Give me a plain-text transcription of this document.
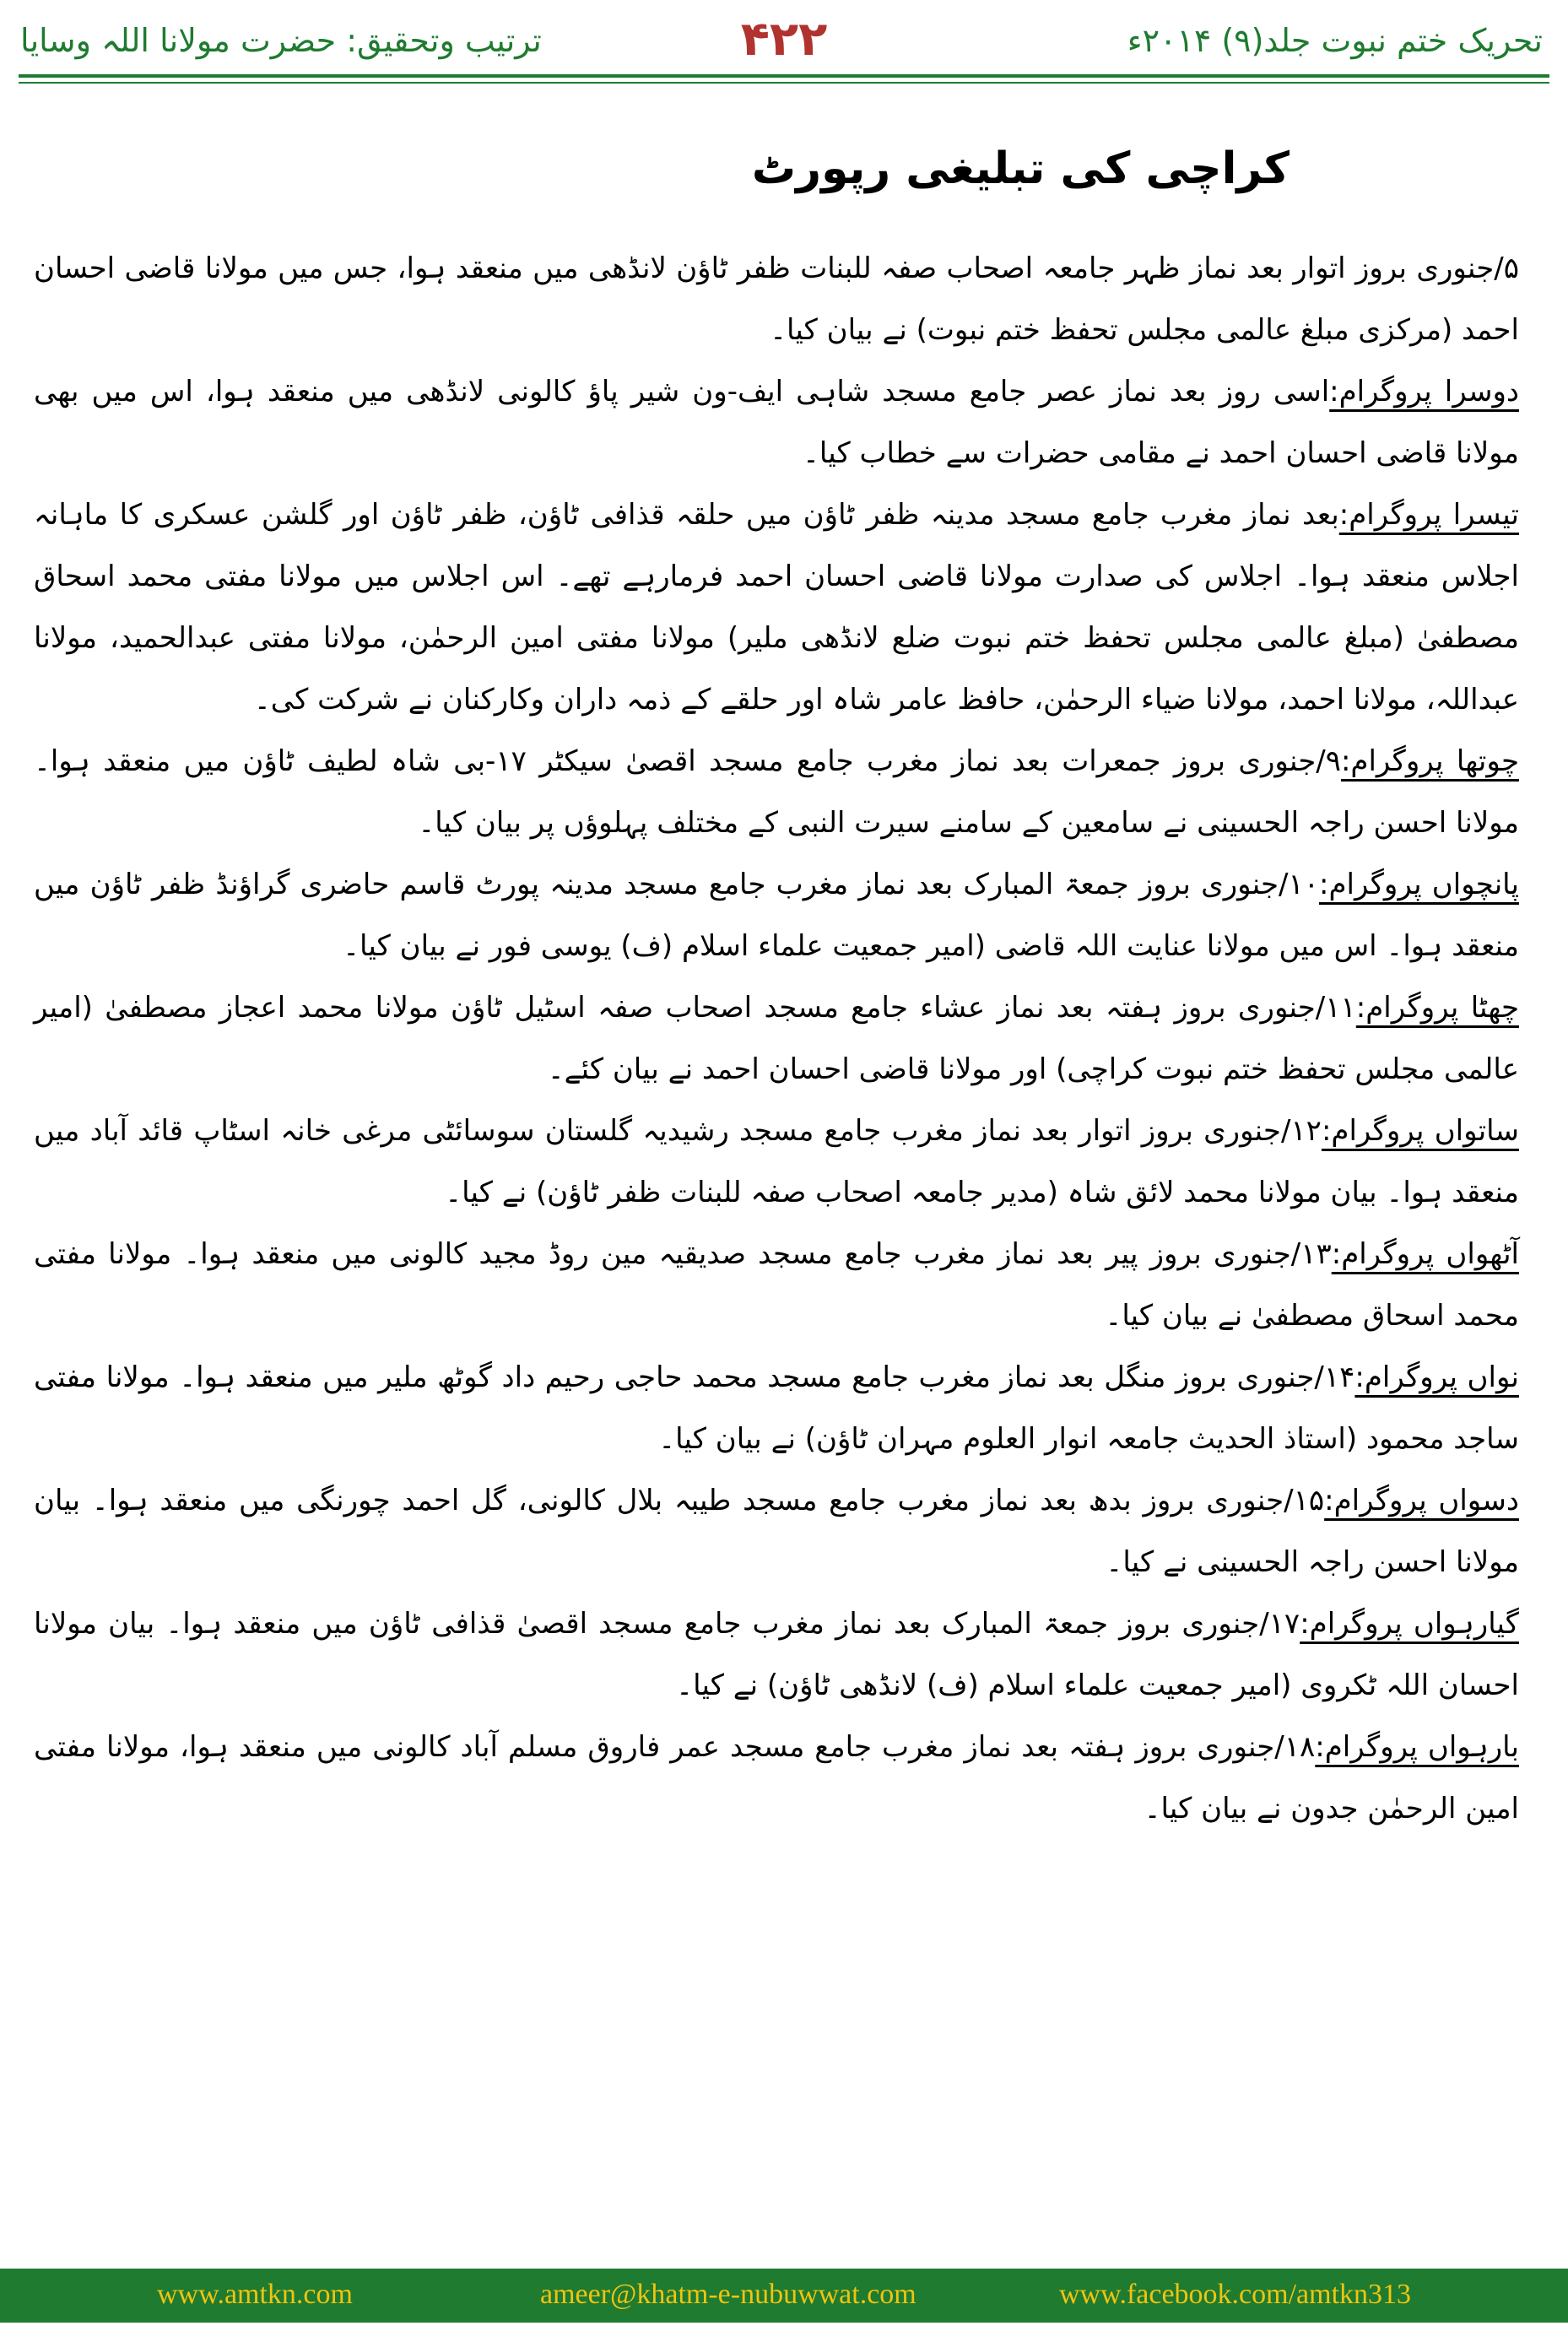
ترتیب وتحقیق: حضرت مولانا اللہ وسایا	۴۲۲	تحریک ختم نبوت جلد(۹) ۲۰۱۴ء
کراچی کی تبلیغی رپورٹ

۵/جنوری بروز اتوار بعد نماز ظہر جامعہ اصحاب صفہ للبنات ظفر ٹاؤن لانڈھی میں منعقد ہوا، جس میں مولانا قاضی احسان احمد (مرکزی مبلغ عالمی مجلس تحفظ ختم نبوت) نے بیان کیا۔

دوسرا پروگرام:اسی روز بعد نماز عصر جامع مسجد شاہی ایف-ون شیر پاؤ کالونی لانڈھی میں منعقد ہوا، اس میں بھی مولانا قاضی احسان احمد نے مقامی حضرات سے خطاب کیا۔

تیسرا پروگرام:بعد نماز مغرب جامع مسجد مدینہ ظفر ٹاؤن میں حلقہ قذافی ٹاؤن، ظفر ٹاؤن اور گلشن عسکری کا ماہانہ اجلاس منعقد ہوا۔ اجلاس کی صدارت مولانا قاضی احسان احمد فرمارہے تھے۔ اس اجلاس میں مولانا مفتی محمد اسحاق مصطفیٰ (مبلغ عالمی مجلس تحفظ ختم نبوت ضلع لانڈھی ملیر) مولانا مفتی امین الرحمٰن، مولانا مفتی عبدالحمید، مولانا عبداللہ، مولانا احمد، مولانا ضیاء الرحمٰن، حافظ عامر شاہ اور حلقے کے ذمہ داران وکارکنان نے شرکت کی۔

چوتھا پروگرام:۹/جنوری بروز جمعرات بعد نماز مغرب جامع مسجد اقصیٰ سیکٹر ۱۷-بی شاہ لطیف ٹاؤن میں منعقد ہوا۔ مولانا احسن راجہ الحسینی نے سامعین کے سامنے سیرت النبی کے مختلف پہلوؤں پر بیان کیا۔

پانچواں پروگرام:۱۰/جنوری بروز جمعۃ المبارک بعد نماز مغرب جامع مسجد مدینہ پورٹ قاسم حاضری گراؤنڈ ظفر ٹاؤن میں منعقد ہوا۔ اس میں مولانا عنایت اللہ قاضی (امیر جمعیت علماء اسلام (ف) یوسی فور نے بیان کیا۔

چھٹا پروگرام:۱۱/جنوری بروز ہفتہ بعد نماز عشاء جامع مسجد اصحاب صفہ اسٹیل ٹاؤن مولانا محمد اعجاز مصطفیٰ (امیر عالمی مجلس تحفظ ختم نبوت کراچی) اور مولانا قاضی احسان احمد نے بیان کئے۔

ساتواں پروگرام:۱۲/جنوری بروز اتوار بعد نماز مغرب جامع مسجد رشیدیہ گلستان سوسائٹی مرغی خانہ اسٹاپ قائد آباد میں منعقد ہوا۔ بیان مولانا محمد لائق شاہ (مدیر جامعہ اصحاب صفہ للبنات ظفر ٹاؤن) نے کیا۔

آٹھواں پروگرام:۱۳/جنوری بروز پیر بعد نماز مغرب جامع مسجد صدیقیہ مین روڈ مجید کالونی میں منعقد ہوا۔ مولانا مفتی محمد اسحاق مصطفیٰ نے بیان کیا۔

نواں پروگرام:۱۴/جنوری بروز منگل بعد نماز مغرب جامع مسجد محمد حاجی رحیم داد گوٹھ ملیر میں منعقد ہوا۔ مولانا مفتی ساجد محمود (استاذ الحدیث جامعہ انوار العلوم مہران ٹاؤن) نے بیان کیا۔

دسواں پروگرام:۱۵/جنوری بروز بدھ بعد نماز مغرب جامع مسجد طیبہ بلال کالونی، گل احمد چورنگی میں منعقد ہوا۔ بیان مولانا احسن راجہ الحسینی نے کیا۔

گیارہواں پروگرام:۱۷/جنوری بروز جمعۃ المبارک بعد نماز مغرب جامع مسجد اقصیٰ قذافی ٹاؤن میں منعقد ہوا۔ بیان مولانا احسان اللہ ٹکروی (امیر جمعیت علماء اسلام (ف) لانڈھی ٹاؤن) نے کیا۔

بارہواں پروگرام:۱۸/جنوری بروز ہفتہ بعد نماز مغرب جامع مسجد عمر فاروق مسلم آباد کالونی میں منعقد ہوا، مولانا مفتی امین الرحمٰن جدون نے بیان کیا۔

www.amtkn.com	ameer@khatm-e-nubuwwat.com	www.facebook.com/amtkn313
